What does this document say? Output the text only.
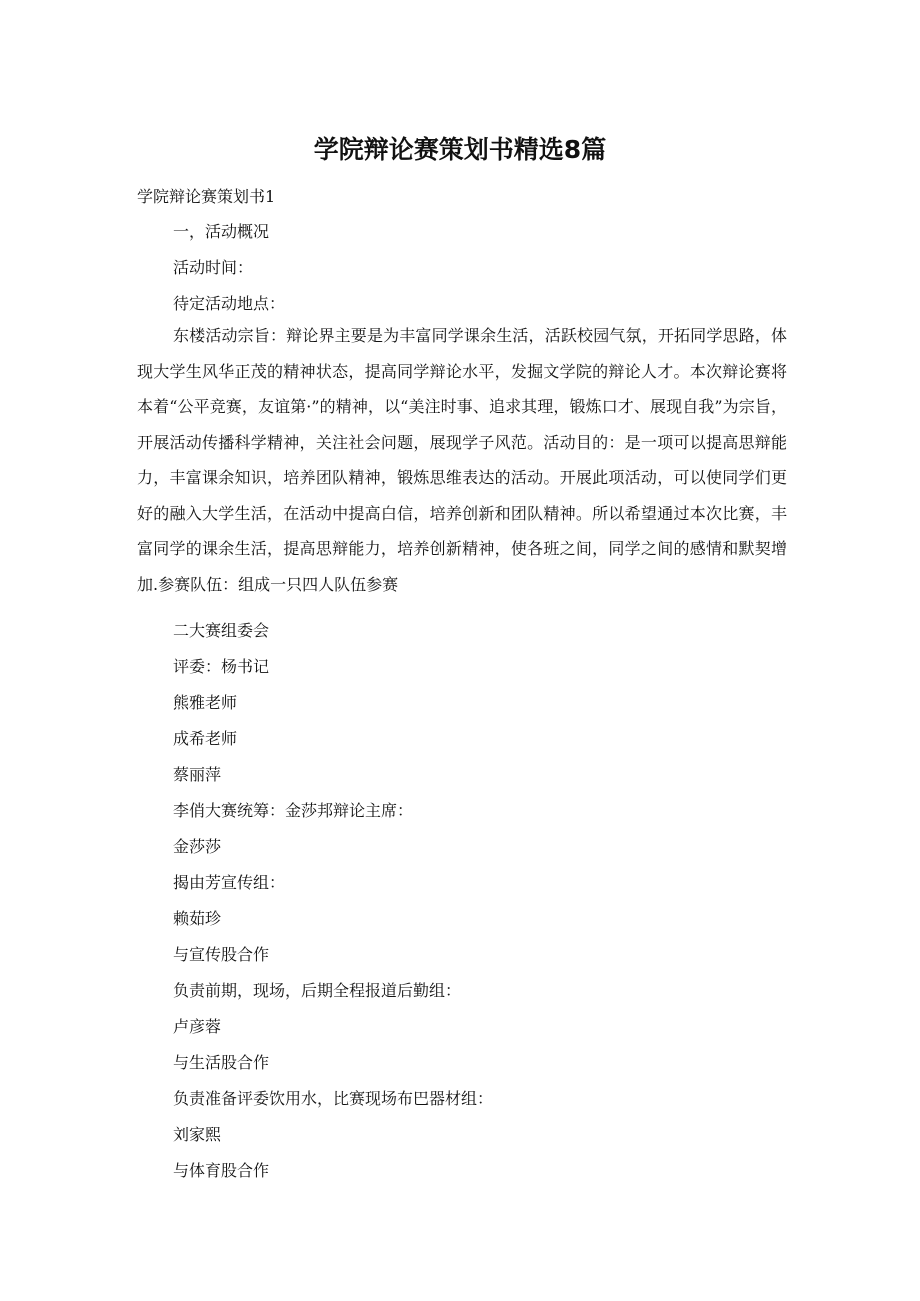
学院辩论赛策划书精选8篇
学院辩论赛策划书1
一，活动概况
活动时间：
待定活动地点：
东楼活动宗旨：辩论界主要是为丰富同学课余生活，活跃校园气氛，开拓同学思路，体现大学生风华正茂的精神状态，提高同学辩论水平，发掘文学院的辩论人才。本次辩论赛将本着“公平竞赛，友谊第·”的精神，以“美注时事、追求其理，锻炼口才、展现自我”为宗旨，开展活动传播科学精神，关注社会问题，展现学子风范。活动目的：是一项可以提高思辩能力，丰富课余知识，培养团队精神，锻炼思维表达的活动。开展此项活动，可以使同学们更好的融入大学生活，在活动中提高白信，培养创新和团队精神。所以希望通过本次比赛，丰富同学的课余生活，提高思辩能力，培养创新精神，使各班之间，同学之间的感情和默契增加.参赛队伍：组成一只四人队伍参赛
二大赛组委会
评委：杨书记
熊雅老师
成希老师
蔡丽萍
李俏大赛统筹：金莎邦辩论主席：
金莎莎
揭由芳宣传组：
赖茹珍
与宣传股合作
负责前期，现场，后期全程报道后勤组：
卢彦蓉
与生活股合作
负责准备评委饮用水，比赛现场布巴器材组：
刘家熙
与体育股合作
